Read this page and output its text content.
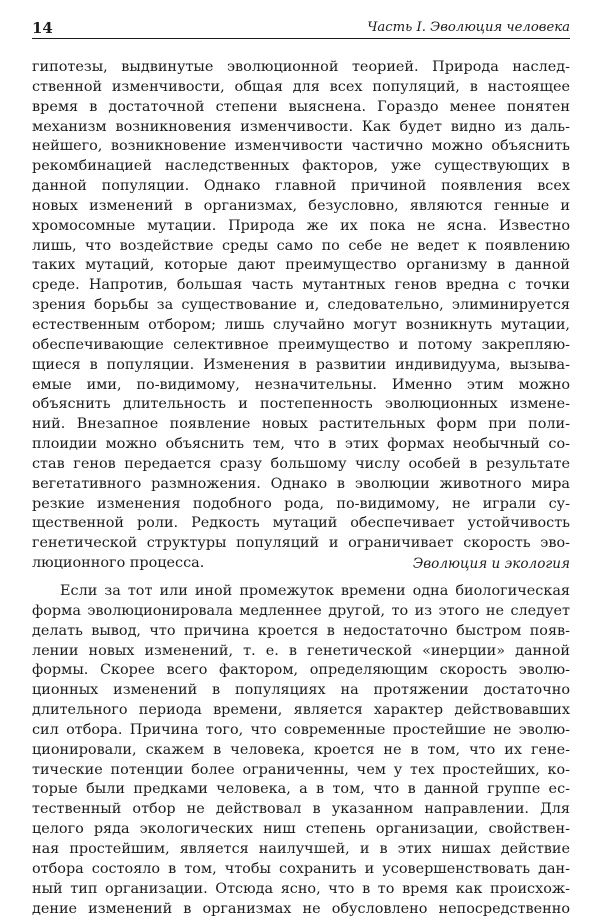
14	Часть I. Эволюция человека
гипотезы, выдвинутые эволюционной теорией. Природа наслед-
ственной изменчивости, общая для всех популяций, в настоящее
время в достаточной степени выяснена. Гораздо менее понятен
механизм возникновения изменчивости. Как будет видно из даль-
нейшего, возникновение изменчивости частично можно объяснить
рекомбинацией наследственных факторов, уже существующих в
данной популяции. Однако главной причиной появления всех
новых изменений в организмах, безусловно, являются генные и
хромосомные мутации. Природа же их пока не ясна. Известно
лишь, что воздействие среды само по себе не ведет к появлению
таких мутаций, которые дают преимущество организму в данной
среде. Напротив, большая часть мутантных генов вредна с точки
зрения борьбы за существование и, следовательно, элиминируется
естественным отбором; лишь случайно могут возникнуть мутации,
обеспечивающие селективное преимущество и потому закрепляю-
щиеся в популяции. Изменения в развитии индивидуума, вызыва-
емые ими, по-видимому, незначительны. Именно этим можно
объяснить длительность и постепенность эволюционных измене-
ний. Внезапное появление новых растительных форм при поли-
плоидии можно объяснить тем, что в этих формах необычный со-
став генов передается сразу большому числу особей в результате
вегетативного размножения. Однако в эволюции животного мира
резкие изменения подобного рода, по-видимому, не играли су-
щественной роли. Редкость мутаций обеспечивает устойчивость
генетической структуры популяций и ограничивает скорость эво-
люционного процесса.	Эволюция и экология
Если за тот или иной промежуток времени одна биологическая
форма эволюционировала медленнее другой, то из этого не следует
делать вывод, что причина кроется в недостаточно быстром появ-
лении новых изменений, т. е. в генетической «инерции» данной
формы. Скорее всего фактором, определяющим скорость эволю-
ционных изменений в популяциях на протяжении достаточно
длительного периода времени, является характер действовавших
сил отбора. Причина того, что современные простейшие не эволю-
ционировали, скажем в человека, кроется не в том, что их гене-
тические потенции более ограниченны, чем у тех простейших, ко-
торые были предками человека, а в том, что в данной группе ес-
тественный отбор не действовал в указанном направлении. Для
целого ряда экологических ниш степень организации, свойствен-
ная простейшим, является наилучшей, и в этих нишах действие
отбора состояло в том, чтобы сохранить и усовершенствовать дан-
ный тип организации. Отсюда ясно, что в то время как происхож-
дение изменений в организмах не обусловлено непосредственно
